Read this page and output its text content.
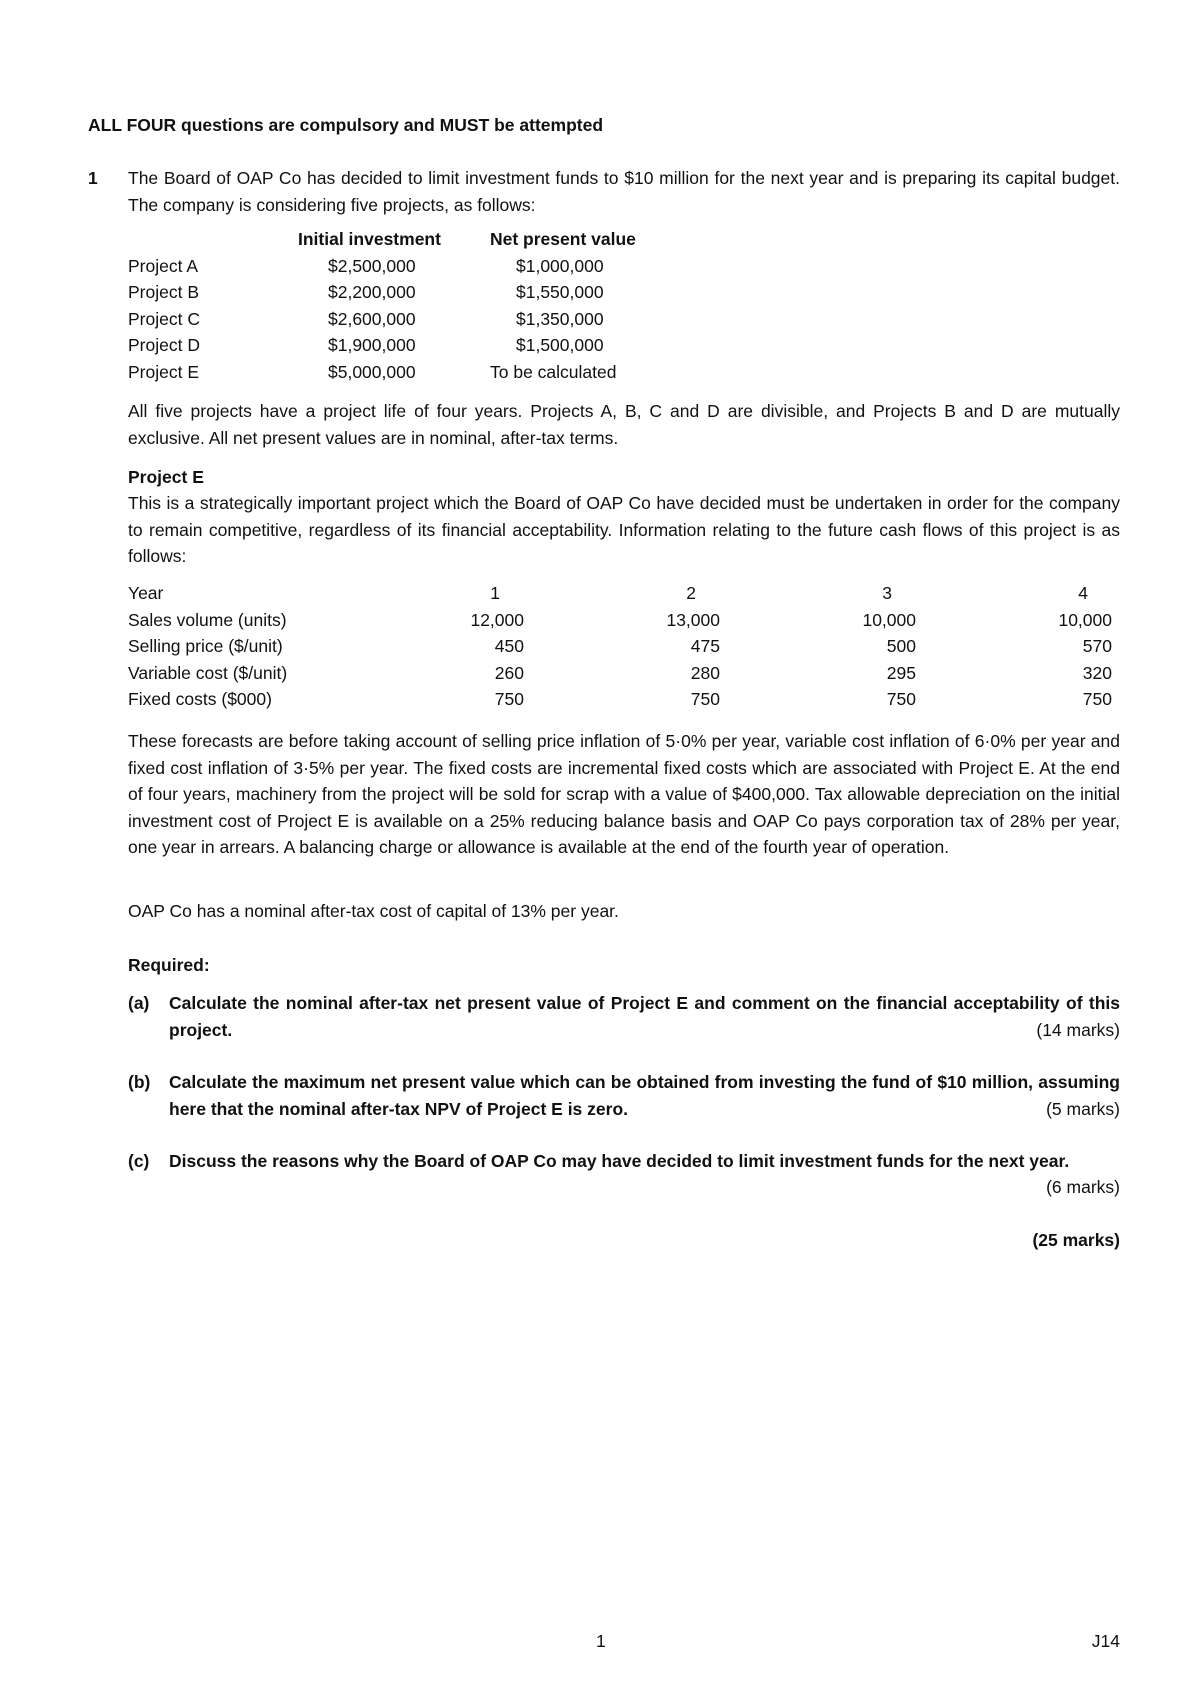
ALL FOUR questions are compulsory and MUST be attempted
1 The Board of OAP Co has decided to limit investment funds to $10 million for the next year and is preparing its capital budget. The company is considering five projects, as follows:

	Initial investment	Net present value
Project A	$2,500,000	$1,000,000
Project B	$2,200,000	$1,550,000
Project C	$2,600,000	$1,350,000
Project D	$1,900,000	$1,500,000
Project E	$5,000,000	To be calculated

All five projects have a project life of four years. Projects A, B, C and D are divisible, and Projects B and D are mutually exclusive. All net present values are in nominal, after-tax terms.

Project E

This is a strategically important project which the Board of OAP Co have decided must be undertaken in order for the company to remain competitive, regardless of its financial acceptability. Information relating to the future cash flows of this project is as follows:

Year	1	2	3	4
Sales volume (units)	12,000	13,000	10,000	10,000
Selling price ($/unit)	450	475	500	570
Variable cost ($/unit)	260	280	295	320
Fixed costs ($000)	750	750	750	750

These forecasts are before taking account of selling price inflation of 5·0% per year, variable cost inflation of 6·0% per year and fixed cost inflation of 3·5% per year. The fixed costs are incremental fixed costs which are associated with Project E. At the end of four years, machinery from the project will be sold for scrap with a value of $400,000. Tax allowable depreciation on the initial investment cost of Project E is available on a 25% reducing balance basis and OAP Co pays corporation tax of 28% per year, one year in arrears. A balancing charge or allowance is available at the end of the fourth year of operation.

OAP Co has a nominal after-tax cost of capital of 13% per year.

Required:
(a) Calculate the nominal after-tax net present value of Project E and comment on the financial acceptability of this project.	(14 marks)
(b) Calculate the maximum net present value which can be obtained from investing the fund of $10 million, assuming here that the nominal after-tax NPV of Project E is zero.	(5 marks)
(c) Discuss the reasons why the Board of OAP Co may have decided to limit investment funds for the next year.
(6 marks)
(25 marks)
1	J14
